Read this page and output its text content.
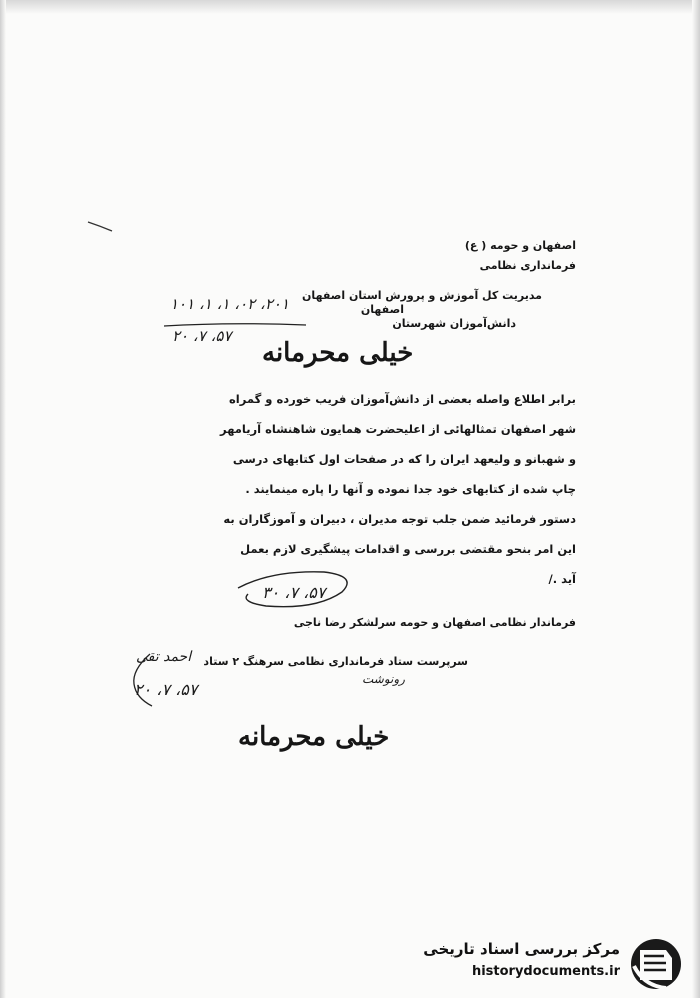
اصفهان و حومه ( ع)
فرمانداری نظامی
مدیریت کل آموزش و پرورش استان اصفهان
اصفهان
دانش‌آموزان شهرستان
۲۰۱، ۰۲، ۱، ۱، ۱۰۱
۵۷، ۷، ۲۰
خیلی محرمانه
برابر اطلاع واصله بعضی از دانش‌آموزان فریب خورده و گمراه
شهر اصفهان تمثالهائی از اعلیحضرت همایون شاهنشاه آریامهر
و شهبانو و ولیعهد ایران را که در صفحات اول کتابهای درسی
چاپ شده از کتابهای خود جدا نموده و آنها را پاره مینمایند .
دستور فرمائید ضمن جلب توجه مدیران ، دبیران و آموزگاران به
این امر بنحو مقتضی بررسی و اقدامات پیشگیری لازم بعمل
آید ./
۵۷، ۷، ۳۰
فرماندار نظامی اصفهان و حومه سرلشکر رضا ناجی
سرپرست ستاد فرمانداری نظامی سرهنگ ۲ ستاد
احمد تقی
رونوشت
۵۷، ۷، ۲۰
خیلی محرمانه
مرکز بررسی اسناد تاریخی
historydocuments.ir
